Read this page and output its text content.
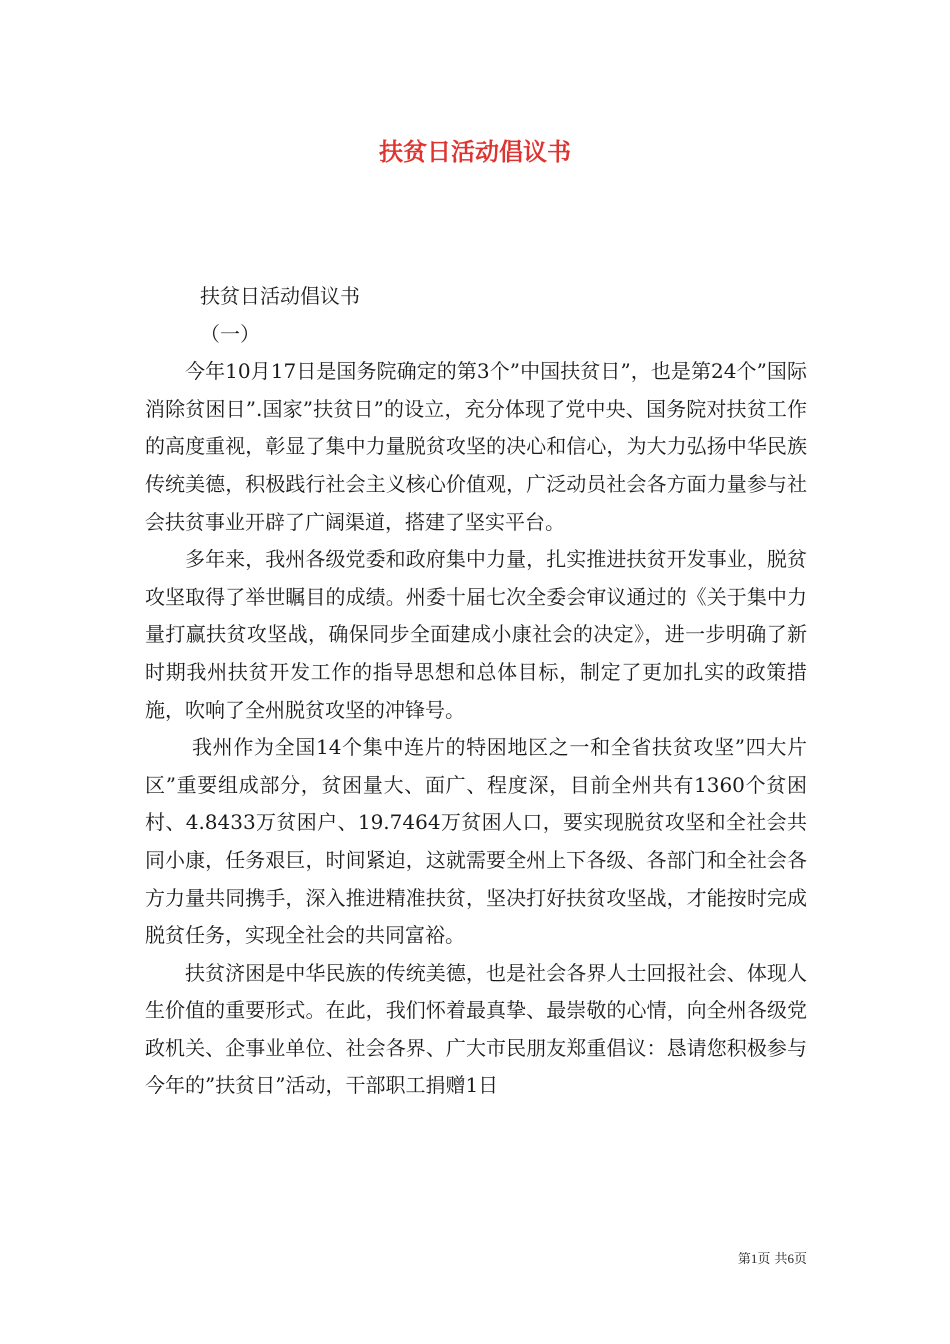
扶贫日活动倡议书

扶贫日活动倡议书

（一）

今年10月17日是国务院确定的第3个”中国扶贫日”，也是第24个”国际消除贫困日”.国家”扶贫日”的设立，充分体现了党中央、国务院对扶贫工作的高度重视，彰显了集中力量脱贫攻坚的决心和信心，为大力弘扬中华民族传统美德，积极践行社会主义核心价值观，广泛动员社会各方面力量参与社会扶贫事业开辟了广阔渠道，搭建了坚实平台。

多年来，我州各级党委和政府集中力量，扎实推进扶贫开发事业，脱贫攻坚取得了举世瞩目的成绩。州委十届七次全委会审议通过的《关于集中力量打赢扶贫攻坚战，确保同步全面建成小康社会的决定》，进一步明确了新时期我州扶贫开发工作的指导思想和总体目标，制定了更加扎实的政策措施，吹响了全州脱贫攻坚的冲锋号。

我州作为全国14个集中连片的特困地区之一和全省扶贫攻坚”四大片区”重要组成部分，贫困量大、面广、程度深，目前全州共有1360个贫困村、4.8433万贫困户、19.7464万贫困人口，要实现脱贫攻坚和全社会共同小康，任务艰巨，时间紧迫，这就需要全州上下各级、各部门和全社会各方力量共同携手，深入推进精准扶贫，坚决打好扶贫攻坚战，才能按时完成脱贫任务，实现全社会的共同富裕。

扶贫济困是中华民族的传统美德，也是社会各界人士回报社会、体现人生价值的重要形式。在此，我们怀着最真挚、最崇敬的心情，向全州各级党政机关、企事业单位、社会各界、广大市民朋友郑重倡议：恳请您积极参与今年的”扶贫日”活动，干部职工捐赠1日

第1页 共6页
